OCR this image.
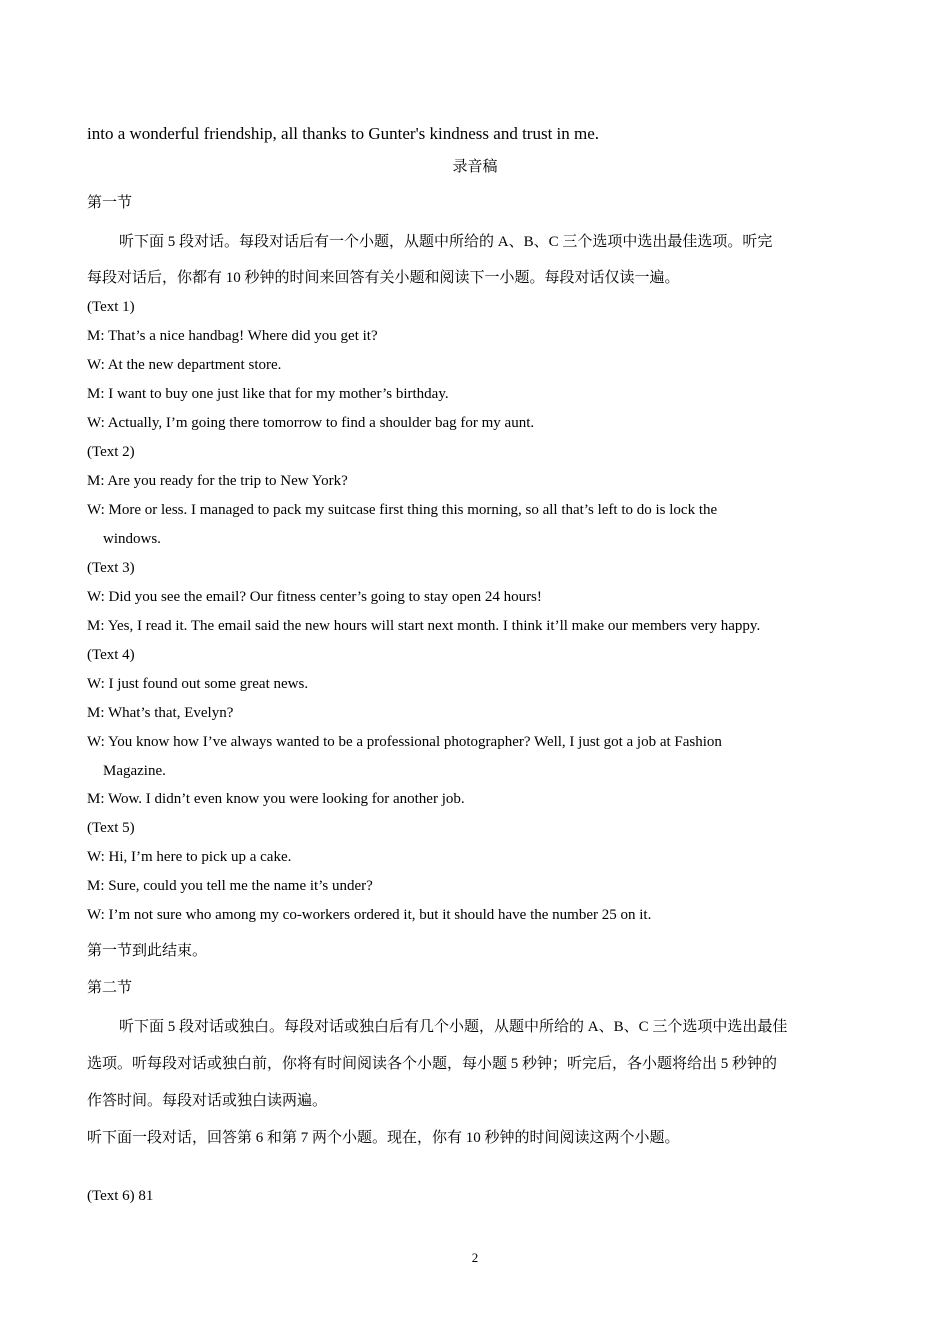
into a wonderful friendship, all thanks to Gunter's kindness and trust in me.
录音稿
第一节
听下面 5 段对话。每段对话后有一个小题，从题中所给的 A、B、C 三个选项中选出最佳选项。听完
每段对话后，你都有 10 秒钟的时间来回答有关小题和阅读下一小题。每段对话仅读一遍。
(Text 1)
M: That’s a nice handbag! Where did you get it?
W: At the new department store.
M: I want to buy one just like that for my mother’s birthday.
W: Actually, I’m going there tomorrow to find a shoulder bag for my aunt.
(Text 2)
M: Are you ready for the trip to New York?
W: More or less. I managed to pack my suitcase first thing this morning, so all that’s left to do is lock the
windows.
(Text 3)
W: Did you see the email? Our fitness center’s going to stay open 24 hours!
M: Yes, I read it. The email said the new hours will start next month. I think it’ll make our members very happy.
(Text 4)
W: I just found out some great news.
M: What’s that, Evelyn?
W: You know how I’ve always wanted to be a professional photographer? Well, I just got a job at Fashion
Magazine.
M: Wow. I didn’t even know you were looking for another job.
(Text 5)
W: Hi, I’m here to pick up a cake.
M: Sure, could you tell me the name it’s under?
W: I’m not sure who among my co-workers ordered it, but it should have the number 25 on it.
第一节到此结束。
第二节
听下面 5 段对话或独白。每段对话或独白后有几个小题，从题中所给的 A、B、C 三个选项中选出最佳
选项。听每段对话或独白前，你将有时间阅读各个小题，每小题 5 秒钟；听完后，各小题将给出 5 秒钟的
作答时间。每段对话或独白读两遍。
听下面一段对话，回答第 6 和第 7 两个小题。现在，你有 10 秒钟的时间阅读这两个小题。
(Text 6) 81
2
